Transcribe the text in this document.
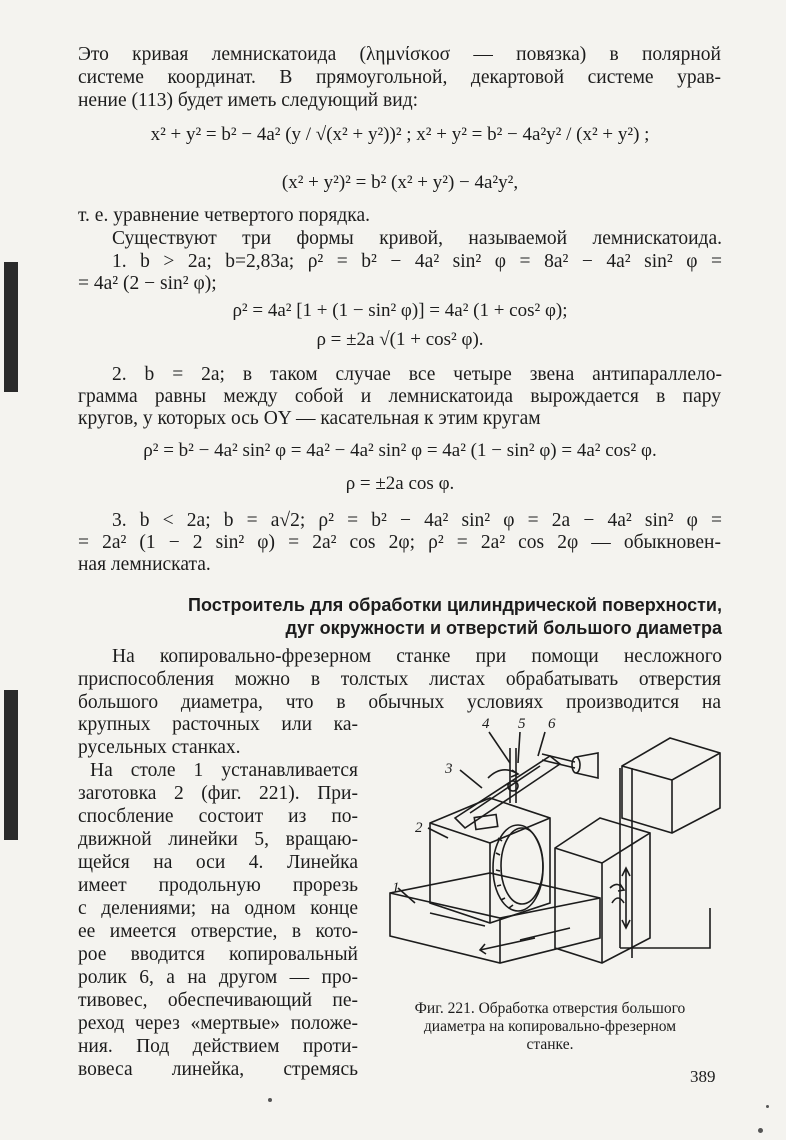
Это кривая лемнискатоида (λημνίσκοσ — повязка) в полярной
системе координат. В прямоугольной, декартовой системе урав-
нение (113) будет иметь следующий вид:
x² + y² = b² − 4a² (y / √(x² + y²))² ; x² + y² = b² − 4a²y² / (x² + y²) ;
(x² + y²)² = b² (x² + y²) − 4a²y²,
т. е. уравнение четвертого порядка.
Существуют три формы кривой, называемой лемнискатоида.
1. b > 2a; b=2,83a; ρ² = b² − 4a² sin² φ = 8a² − 4a² sin² φ =
= 4a² (2 − sin² φ);
ρ² = 4a² [1 + (1 − sin² φ)] = 4a² (1 + cos² φ);
ρ = ±2a √(1 + cos² φ).
2. b = 2a; в таком случае все четыре звена антипараллело-
грамма равны между собой и лемнискатоида вырождается в пару
кругов, у которых ось OY — касательная к этим кругам
ρ² = b² − 4a² sin² φ = 4a² − 4a² sin² φ = 4a² (1 − sin² φ) = 4a² cos² φ.
ρ = ±2a cos φ.
3. b < 2a; b = a√2; ρ² = b² − 4a² sin² φ = 2a − 4a² sin² φ =
= 2a² (1 − 2 sin² φ) = 2a² cos 2φ; ρ² = 2a² cos 2φ — обыкновен-
ная лемниската.
Построитель для обработки цилиндрической поверхности,
дуг окружности и отверстий большого диаметра
На копировально-фрезерном станке при помощи несложного
приспособления можно в толстых листах обрабатывать отверстия
большого диаметра, что в обычных условиях производится на
крупных расточных или ка-
русельных станках.
На столе 1 устанавливается
заготовка 2 (фиг. 221). При-
спосбление состоит из по-
движной линейки 5, вращаю-
щейся на оси 4. Линейка
имеет продольную прорезь
с делениями; на одном конце
ее имеется отверстие, в кото-
рое вводится копировальный
ролик 6, а на другом — про-
тивовес, обеспечивающий пе-
реход через «мертвые» положе-
ния. Под действием проти-
вовеса линейка, стремясь
4 5 6
3
2
1
Фиг. 221. Обработка отверстия большого
диаметра на копировально-фрезерном
станке.
389
